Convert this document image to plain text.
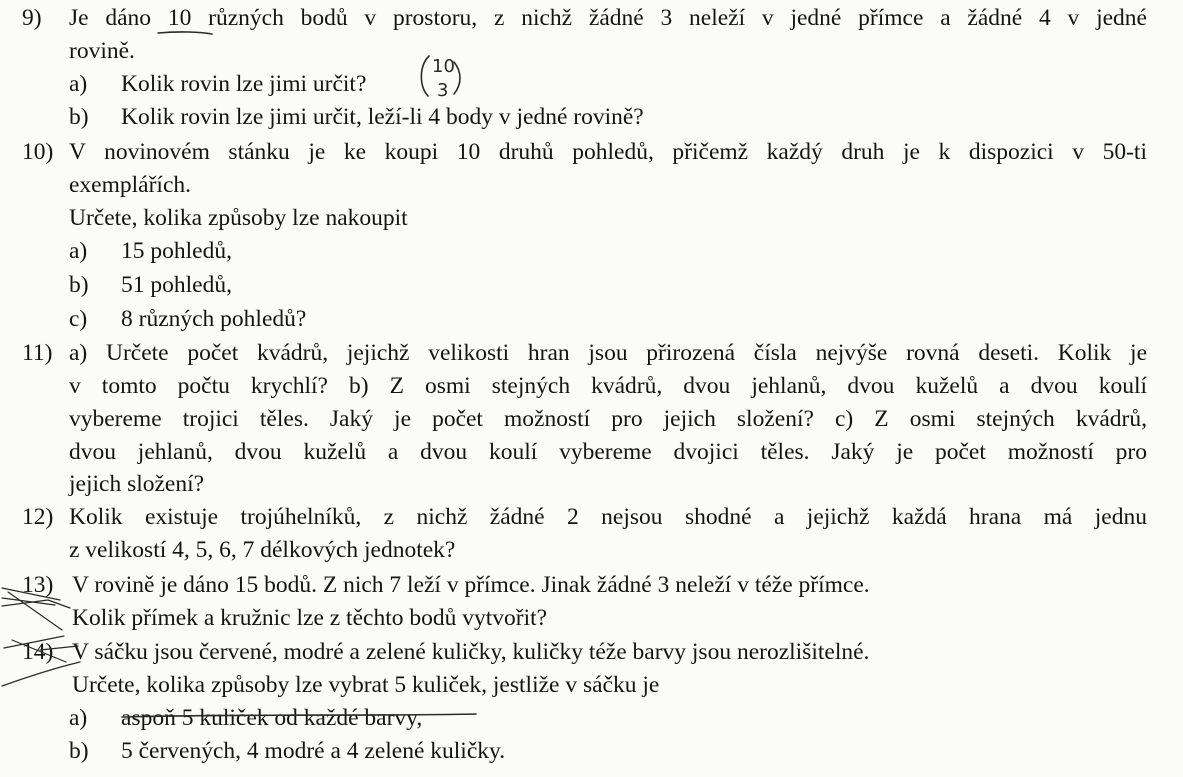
9) Je dáno 10 různých bodů v prostoru, z nichž žádné 3 neleží v jedné přímce a žádné 4 v jedné
rovině.
a) Kolik rovin lze jimi určit?
b) Kolik rovin lze jimi určit, leží-li 4 body v jedné rovině?
10) V novinovém stánku je ke koupi 10 druhů pohledů, přičemž každý druh je k dispozici v 50-ti
exemplářích.
Určete, kolika způsoby lze nakoupit
a) 15 pohledů,
b) 51 pohledů,
c) 8 různých pohledů?
11) a) Určete počet kvádrů, jejichž velikosti hran jsou přirozená čísla nejvýše rovná deseti. Kolik je
v tomto počtu krychlí? b) Z osmi stejných kvádrů, dvou jehlanů, dvou kuželů a dvou koulí
vybereme trojici těles. Jaký je počet možností pro jejich složení? c) Z osmi stejných kvádrů,
dvou jehlanů, dvou kuželů a dvou koulí vybereme dvojici těles. Jaký je počet možností pro
jejich složení?
12) Kolik existuje trojúhelníků, z nichž žádné 2 nejsou shodné a jejichž každá hrana má jednu
z velikostí 4, 5, 6, 7 délkových jednotek?
13) V rovině je dáno 15 bodů. Z nich 7 leží v přímce. Jinak žádné 3 neleží v téže přímce.
Kolik přímek a kružnic lze z těchto bodů vytvořit?
14) V sáčku jsou červené, modré a zelené kuličky, kuličky téže barvy jsou nerozlišitelné.
Určete, kolika způsoby lze vybrat 5 kuliček, jestliže v sáčku je
a) aspoň 5 kuliček od každé barvy,
b) 5 červených, 4 modré a 4 zelené kuličky.
10
3
